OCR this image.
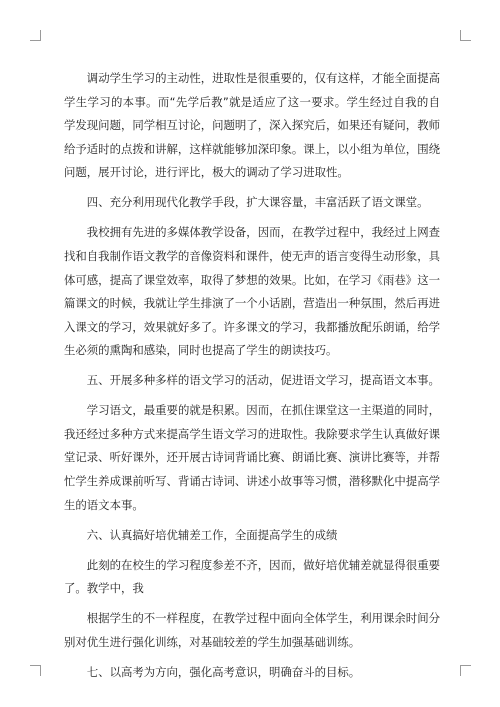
调动学生学习的主动性，进取性是很重要的，仅有这样，才能全面提高学生学习的本事。而“先学后教”就是适应了这一要求。学生经过自我的自学发现问题，同学相互讨论，问题明了，深入探究后，如果还有疑问，教师给予适时的点拨和讲解，这样就能够加深印象。课上，以小组为单位，围绕问题，展开讨论，进行评比，极大的调动了学习进取性。

四、充分利用现代化教学手段，扩大课容量，丰富活跃了语文课堂。

我校拥有先进的多媒体教学设备，因而，在教学过程中，我经过上网查找和自我制作语文教学的音像资料和课件，使无声的语言变得生动形象，具体可感，提高了课堂效率，取得了梦想的效果。比如，在学习《雨巷》这一篇课文的时候，我就让学生排演了一个小话剧，营造出一种氛围，然后再进入课文的学习，效果就好多了。许多课文的学习，我都播放配乐朗诵，给学生必须的熏陶和感染，同时也提高了学生的朗读技巧。

五、开展多种多样的语文学习的活动，促进语文学习，提高语文本事。

学习语文，最重要的就是积累。因而，在抓住课堂这一主渠道的同时，我还经过多种方式来提高学生语文学习的进取性。我除要求学生认真做好课堂记录、听好课外，还开展古诗词背诵比赛、朗诵比赛、演讲比赛等，并帮忙学生养成课前听写、背诵古诗词、讲述小故事等习惯，潜移默化中提高学生的语文本事。

六、认真搞好培优辅差工作，全面提高学生的成绩

此刻的在校生的学习程度参差不齐，因而，做好培优辅差就显得很重要了。教学中，我

根据学生的不一样程度，在教学过程中面向全体学生，利用课余时间分别对优生进行强化训练，对基础较差的学生加强基础训练。

七、以高考为方向，强化高考意识，明确奋斗的目标。
